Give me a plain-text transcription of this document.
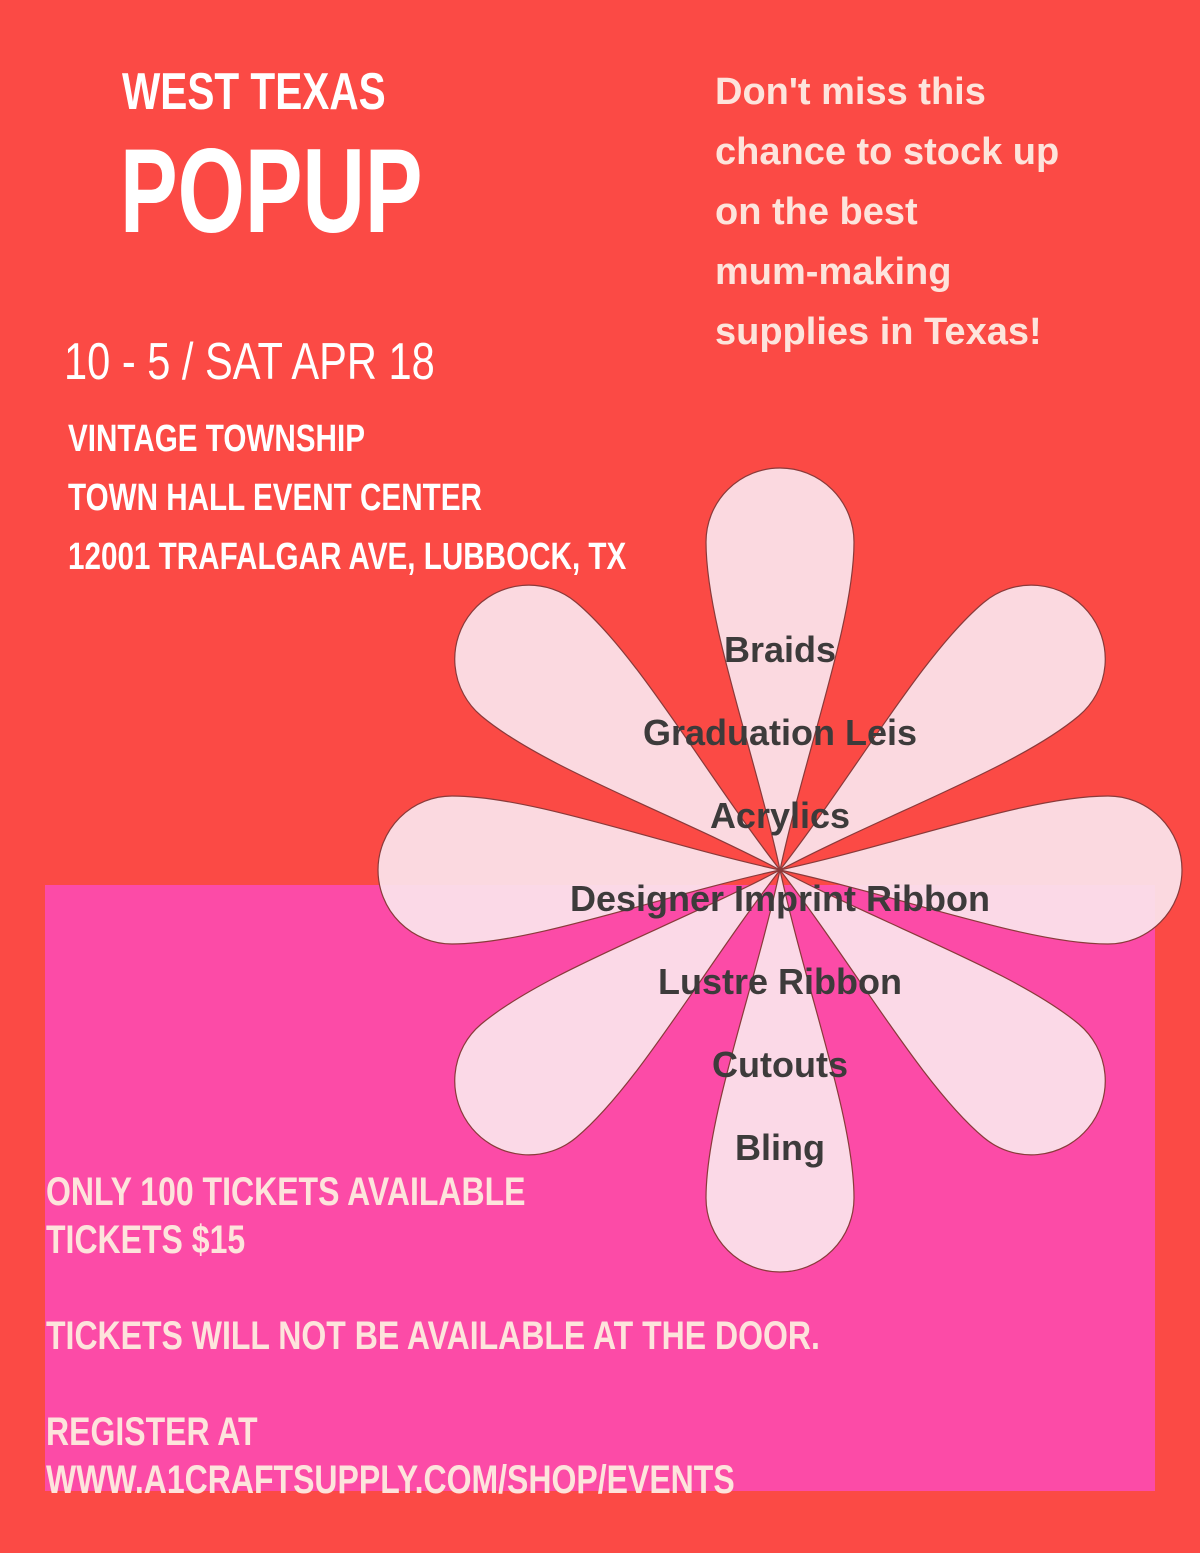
WEST TEXAS
POPUP
Don't miss this
chance to stock up
on the best
mum-making
supplies in Texas!
10 - 5 / SAT APR 18
VINTAGE TOWNSHIP
TOWN HALL EVENT CENTER
12001 TRAFALGAR AVE, LUBBOCK, TX
Braids
Graduation Leis
Acrylics
Designer Imprint Ribbon
Lustre Ribbon
Cutouts
Bling
ONLY 100 TICKETS AVAILABLE
TICKETS $15
TICKETS WILL NOT BE AVAILABLE AT THE DOOR.
REGISTER AT
WWW.A1CRAFTSUPPLY.COM/SHOP/EVENTS
